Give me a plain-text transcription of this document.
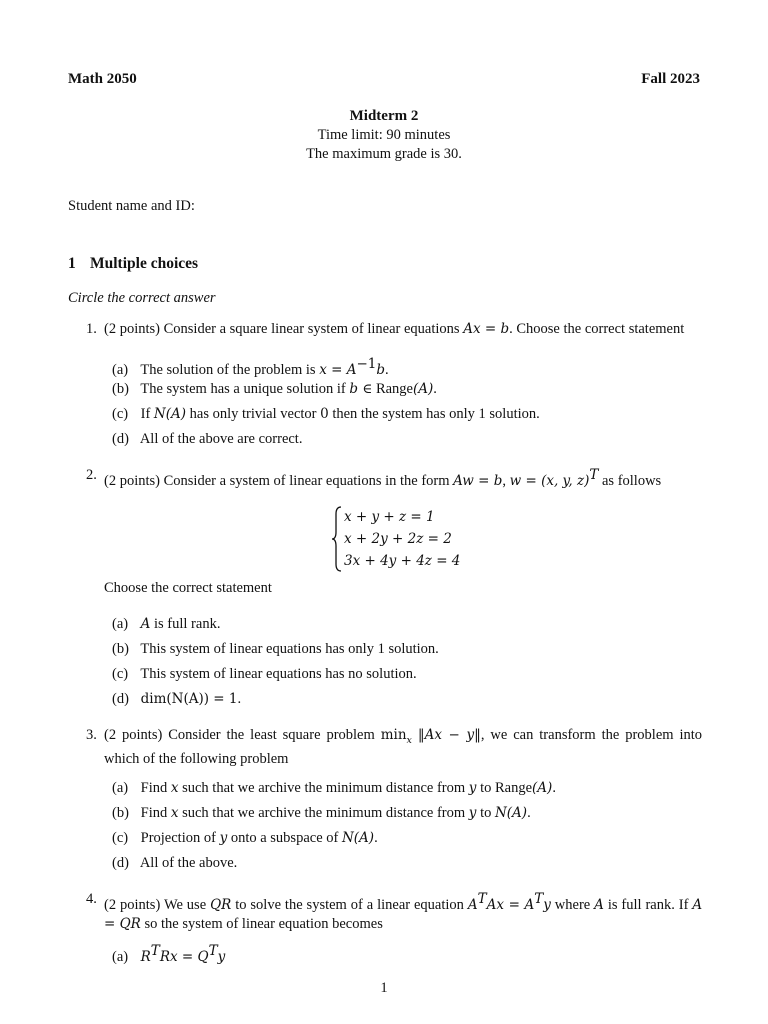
Math 2050	Fall 2023
Midterm 2
Time limit: 90 minutes
The maximum grade is 30.
Student name and ID:
1 Multiple choices
Circle the correct answer
1. (2 points) Consider a square linear system of linear equations Ax = b. Choose the correct statement
(a) The solution of the problem is $x = A^{-1}b$.
(b) The system has a unique solution if b ∈ Range(A).
(c) If N(A) has only trivial vector 0 then the system has only 1 solution.
(d) All of the above are correct.
2. (2 points) Consider a system of linear equations in the form Aw = b, w = (x, y, z)$^T$ as follows
x + y + z = 1
x + 2y + 2z = 2
3x + 4y + 4z = 4
Choose the correct statement
(a) A is full rank.
(b) This system of linear equations has only 1 solution.
(c) This system of linear equations has no solution.
(d) dim(N(A)) = 1.
3. (2 points) Consider the least square problem $\min_x$ ‖Ax − y‖, we can transform the problem into which of the following problem
(a) Find x such that we archive the minimum distance from y to Range(A).
(b) Find x such that we archive the minimum distance from y to N(A).
(c) Projection of y onto a subspace of N(A).
(d) All of the above.
4. (2 points) We use QR to solve the system of a linear equation $A^TAx = A^Ty$ where A is full rank. If A = QR so the system of linear equation becomes
(a) $R^TRx = Q^Ty$
1
